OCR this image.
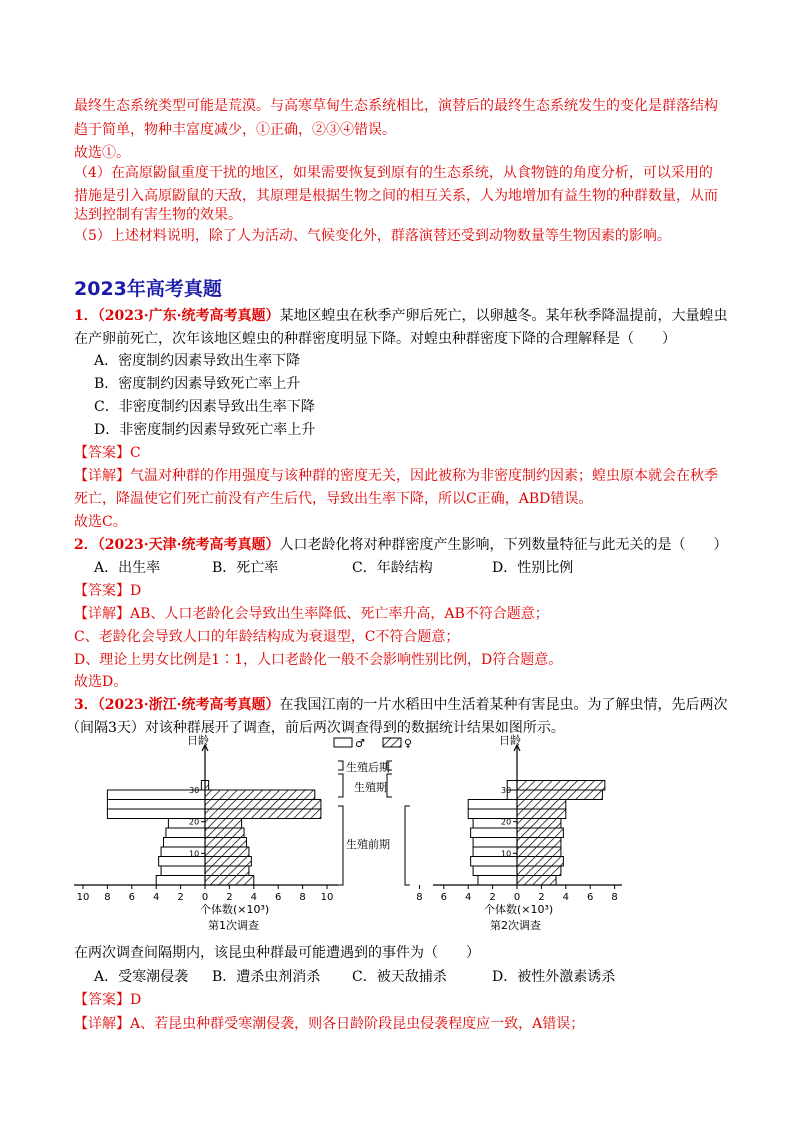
最终生态系统类型可能是荒漠。与高寒草甸生态系统相比，演替后的最终生态系统发生的变化是群落结构
趋于简单，物种丰富度减少，①正确，②③④错误。
故选①。
（4）在高原鼢鼠重度干扰的地区，如果需要恢复到原有的生态系统，从食物链的角度分析，可以采用的
措施是引入高原鼢鼠的天敌，其原理是根据生物之间的相互关系，人为地增加有益生物的种群数量，从而
达到控制有害生物的效果。
（5）上述材料说明，除了人为活动、气候变化外，群落演替还受到动物数量等生物因素的影响。
2023年高考真题
1．（2023·广东·统考高考真题）某地区蝗虫在秋季产卵后死亡，以卵越冬。某年秋季降温提前，大量蝗虫
在产卵前死亡，次年该地区蝗虫的种群密度明显下降。对蝗虫种群密度下降的合理解释是（　　）
A．密度制约因素导致出生率下降
B．密度制约因素导致死亡率上升
C．非密度制约因素导致出生率下降
D．非密度制约因素导致死亡率上升
【答案】C
【详解】气温对种群的作用强度与该种群的密度无关，因此被称为非密度制约因素；蝗虫原本就会在秋季
死亡，降温使它们死亡前没有产生后代，导致出生率下降，所以C正确，ABD错误。
故选C。
2．（2023·天津·统考高考真题）人口老龄化将对种群密度产生影响，下列数量特征与此无关的是（　　）
A．出生率	B．死亡率	C．年龄结构	D．性别比例
【答案】D
【详解】AB、人口老龄化会导致出生率降低、死亡率升高，AB不符合题意；
C、老龄化会导致人口的年龄结构成为衰退型，C不符合题意；
D、理论上男女比例是1∶1，人口老龄化一般不会影响性别比例，D符合题意。
故选D。
3．（2023·浙江·统考高考真题）在我国江南的一片水稻田中生活着某种有害昆虫。为了解虫情，先后两次
（间隔3天）对该种群展开了调查，前后两次调查得到的数据统计结果如图所示。
日龄
10
20
30
10 8 6 4 2 0 2 4 6 8 10
日龄
10
20
30
8 6 4 2 0 2 4 6 8
♂	♀
生殖后期
生殖期
生殖前期
个体数(×10³)
第1次调查
个体数(×10³)
第2次调查
在两次调查间隔期内，该昆虫种群最可能遭遇到的事件为（　　）
A．受寒潮侵袭 B．遭杀虫剂消杀 C．被天敌捕杀	D．被性外激素诱杀
【答案】D
【详解】A、若昆虫种群受寒潮侵袭，则各日龄阶段昆虫侵袭程度应一致，A错误；
